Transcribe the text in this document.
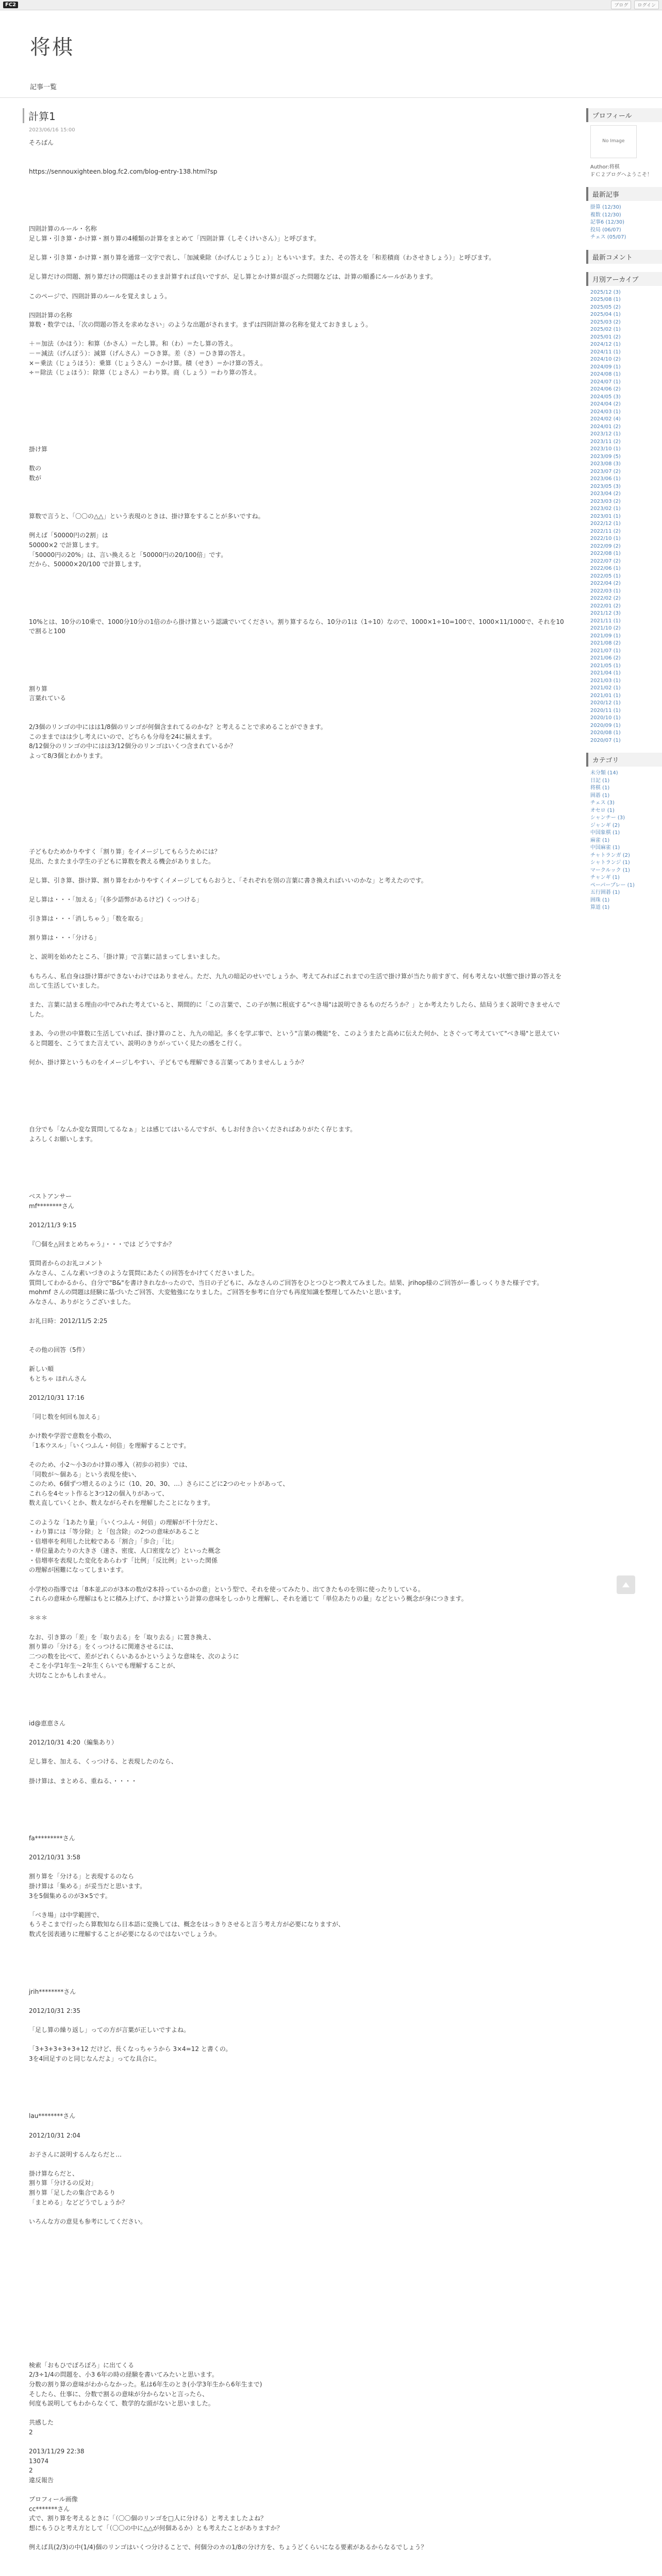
FC2	ブログ	ログイン
将棋
記事一覧
計算1
2023/06/16 15:00

そろばん

https://sennouxighteen.blog.fc2.com/blog-entry-138.html?sp

四則計算のルール・名称
足し算・引き算・かけ算・割り算の4種類の計算をまとめて「四則計算（しそくけいさん）」と呼びます。

足し算・引き算・かけ算・割り算を通常一文字で表し、「加減乗除（かげんじょうじょ）」ともいいます。また、その答えを「和差積商（わさせきしょう）」と呼びます。

足し算だけの問題、割り算だけの問題はそのまま計算すれば良いですが、足し算とかけ算が混ざった問題などは、計算の順番にルールがあります。

このページで、四則計算のルールを覚えましょう。

四則計算の名称
算数・数学では、「次の問題の答えを求めなさい」のような出題がされます。まずは四則計算の名称を覚えておきましょう。

＋＝加法（かほう）：和算（かさん）＝たし算。和（わ）＝たし算の答え。
－＝減法（げんぽう）：減算（げんさん）＝ひき算。差（さ）＝ひき算の答え。
×＝乗法（じょうほう）：乗算（じょうさん）＝かけ算。積（せき）＝かけ算の答え。
÷＝除法（じょほう）：除算（じょさん）＝わり算。商（しょう）＝わり算の答え。

掛け算

数の
数が

算数で言うと、「〇〇の△△」という表現のときは、掛け算をすることが多いですね。

例えば「50000円の2割」は
50000×2 で計算します。
「50000円の20%」は、言い換えると「50000円の20/100倍」です。
だから、50000×20/100 で計算します。

10%とは、10分の10乗で、1000分10分の1倍のから掛け算という認識でいてください。割り算するなら、10分の1は（1÷10）なので、1000×1÷10=100で、1000×11/1000で、それを10で割ると100

割り算
言葉れている

2/3個のリンゴの中にはは1/8個のリンゴが何個含まれてるのかな？と考えることで求めることができます。
このままではは少し考えにいので、どちらも分母を24に揃えます。
8/12個分のリンゴの中にはは3/12個分のリンゴはいくつ含まれているか？
よって8/3個とわかります。

子どもむためかりやすく「割り算」をイメージしてもらうためには？
見出、たまたま小学生の子どもに算数を教える機会がありました。

足し算、引き算、掛け算、割り算をわかりやすくイメージしてもらおうと、「それぞれを別の言葉に書き換えればいいのかな」と考えたのです。

足し算は・・・「加える」「(多少語弊があるけど) くっつける」

引き算は・・・「消しちゃう」「数を取る」

割り算は・・・「分ける」

と、説明を始めたところ、「掛け算」で言葉に詰まってしまいました。

もちろん、私自身は掛け算ができないわけではありません。ただ、九九の暗記のせいでしょうか、考えてみればこれまでの生活で掛け算が当たり前すぎて、何も考えない状態で掛け算の答えを出して生活していました。

また、言葉に詰まる理由の中でみれた考えていると、期間的に「この言葉で、この子が無に根底する"ベき場"は説明できるものだろうか？」とか考えたりしたら、結局うまく説明できませんでした。

まあ、今の世の中算数に生活していれば、掛け算のこと、九九の暗記。多くを学ぶ事で、という"言葉の機能"を、このようまたと高めに伝えた何か、とさぐって考えていて"ベき場"と思えていると問題を、こうてまた言えてい、説明のきりがっていく見たの感をこ行く。

何か、掛け算というものをイメージしやすい、子どもでも理解できる言葉ってありませんしょうか？

自分でも「なんか変な質問してるなぁ」とは感じてはいるんですが、もしお付き合いくださればありがたく存じます。
よろしくお願いします。

ベストアンサー
mf********さん

2012/11/3 9:15

『〇個を△回まとめちゃう』・・・では どうですか？

質問者からのお礼コメント
みなさん、こんな素いづきのような質問にあたくの回答をかけてくださいました。
質問してわかるから、自分で"B&"を書けきれなかったので、当日の子どもに、みなさんのご回答をひとつひとつ教えてみました。結果、jrihop様のご回答がー番しっくりきた様子です。
mohmf さんの問題は経験に基づいたご回答、大変勉強になりました。ご回答を参考に自分でも再度知識を整理してみたいと思います。
みなさん、ありがとうございました。

お礼日時：2012/11/5 2:25

その他の回答（5件）

新しい順
もとちゃ ほれんさん

2012/10/31 17:16

「同じ数を何回も加える」

かけ数や学習で意数を小数の、
「1本ウスル」「いくつふん・何倍」を理解することです。

そのため、小2〜小3のかけ算の導入（初歩の初歩）では、
「同数が～個ある」という表現を使い、
このため、6個ずつ増えるのように（10、20、30、…）さらにこどに2つのセットがあって、
これらを4セット作ると3つ12の個入りがあって、
数え直していくとか、数えながらそれを理解したことになります。

このような「1あたり量」「いくつふん・何倍」の理解が不十分だと、
・わり算には「等分除」と「包含除」の2つの意味があること
・倍増率を利用した比較である「割合」「歩合」「比」
・単位量あたりの大きさ（速さ、密度、人口密度など）といった概念
・倍増率を表現した変化をあらわす「比例」「反比例」といった関係
の理解が困難になってしまいます。

小学校の指導では「8本並ぶのが3本の数が2本持っているかの意」という型で、それを使ってみたり、出てきたものを別に使ったりしている。
これらの意味から理解はもとに積み上げて、かけ算という計算の意味をしっかりと理解し、それを通じて「単位あたりの量」などという概念が身につきます。

＊＊＊

なお、引き算の「差」を「取り去る」を「取り去る」に置き換え、
割り算の「分ける」をくっつけるに関連させるには、
二つの数を比べて、差がどれくらいあるかというような意味を、次のように
そこを小学1年生～2年生くらいでも理解することが、
大切なことかもしれません。

id@恵恵さん

2012/10/31 4:20（編集あり）

足し算を、加える、くっつける、と表現したのなら、

掛け算は、まとめる、重ねる、・・・・

fa*********さん

2012/10/31 3:58

割り算を「分ける」と表現するのなら
掛け算は「集める」が妥当だと思います。
3を5個集めるのが3×5です。

「ベき場」は中学範囲で、
もうそこまで行ったら算数知なら日本語に変換しては、概念をはっきりさせると言う考え方が必要になりますが、
数式を図表通りに理解することが必要になるのではないでしょうか。

jrih********さん

2012/10/31 2:35

「足し算の繰り返し」っての方が言葉が正しいですよね。

「3+3+3+3+3+12 だけど、長くなっちゃうから 3×4=12 と書くの。
3を4回足すのと同じなんだよ」ってな具合に。

lau********さん

2012/10/31 2:04

お子さんに説明するんならだと…

掛け算ならだと、
割り算「分けるの反対」
割り算「足したの集合であるり
「まとめる」などどうでしょうか？

いろんな方の意見も参考にしてください。

検索「おもひでぽろぽろ」に出てくる
2/3÷1/4の問題を、小3 6年の時の経験を書いてみたいと思います。
分数の割り算の意味がわからなかった。私は6年生のとき(小学3年生から6年生まで)
そしたら、仕事に、分数で割るの意味が分からないと言ったら、
何度も説明してもわからなくて、数学的な頭がないと思いました。

共感した
2

2013/11/29 22:38
13074
2
違反報告

プロフィール画像
cc*******さん
式で、割り算を考えるときに「（〇〇個のリンゴを□人に分ける）と考えましたよね？
想にもうひと考え方として「（〇〇の中に△△が何個あるか）とも考えたことがありますか？

例えば具(2/3)の中(1/4)個のリンゴはいくつ分けることで、何個分のカの1/8の分け方を、ちょうどくらいになる要素があるからなるでしょう？

プロフィール
No Image
Author:将棋
ＦＣ２ブログへようこそ！
最新記事
掛算 (12/30)
複数 (12/30)
記事6 (12/30)
投局 (06/07)
チェス (05/07)
最新コメント
月別アーカイブ
2025/12 (3)
2025/08 (1)
2025/05 (2)
2025/04 (1)
2025/03 (2)
2025/02 (1)
2025/01 (2)
2024/12 (1)
2024/11 (1)
2024/10 (2)
2024/09 (1)
2024/08 (1)
2024/07 (1)
2024/06 (2)
2024/05 (3)
2024/04 (2)
2024/03 (1)
2024/02 (4)
2024/01 (2)
2023/12 (1)
2023/11 (2)
2023/10 (1)
2023/09 (5)
2023/08 (3)
2023/07 (2)
2023/06 (1)
2023/05 (3)
2023/04 (2)
2023/03 (2)
2023/02 (1)
2023/01 (1)
2022/12 (1)
2022/11 (2)
2022/10 (1)
2022/09 (2)
2022/08 (1)
2022/07 (2)
2022/06 (1)
2022/05 (1)
2022/04 (2)
2022/03 (1)
2022/02 (2)
2022/01 (2)
2021/12 (3)
2021/11 (1)
2021/10 (2)
2021/09 (1)
2021/08 (2)
2021/07 (1)
2021/06 (2)
2021/05 (1)
2021/04 (1)
2021/03 (1)
2021/02 (1)
2021/01 (1)
2020/12 (1)
2020/11 (1)
2020/10 (1)
2020/09 (1)
2020/08 (1)
2020/07 (1)
カテゴリ
未分類 (14)
日記 (1)
将棋 (1)
囲碁 (1)
チェス (3)
オセロ (1)
シャンチー (3)
ジャンギ (2)
中国象棋 (1)
麻雀 (1)
中国麻雀 (1)
チャトランガ (2)
シャトランジ (1)
マークルック (1)
チャンギ (1)
ペーパープレー (1)
五行囲碁 (1)
囲珠 (1)
算道 (1)
